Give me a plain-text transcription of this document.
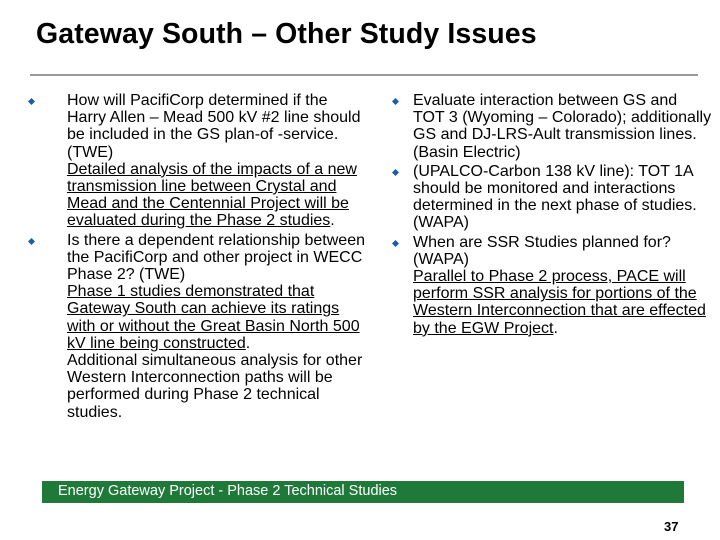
Gateway South – Other Study Issues
How will PacifiCorp determined if the Harry Allen – Mead 500 kV #2 line should be included in the GS plan-of -service. (TWE)
Detailed analysis of the impacts of a new transmission line between Crystal and Mead and the Centennial Project will be evaluated during the Phase 2 studies.
Is there a dependent relationship between the PacifiCorp and other project in WECC Phase 2? (TWE)
Phase 1 studies demonstrated that Gateway South can achieve its ratings with or without the Great Basin North 500 kV line being constructed.
Additional simultaneous analysis for other Western Interconnection paths will be performed during Phase 2 technical studies.
Evaluate interaction between GS and TOT 3 (Wyoming – Colorado); additionally GS and DJ-LRS-Ault transmission lines. (Basin Electric)
(UPALCO-Carbon 138 kV line): TOT 1A should be monitored and interactions determined in the next phase of studies. (WAPA)
When are SSR Studies planned for? (WAPA)
Parallel to Phase 2 process, PACE will perform SSR analysis for portions of the Western Interconnection that are effected by the EGW Project.
Energy Gateway Project - Phase 2 Technical Studies
37
